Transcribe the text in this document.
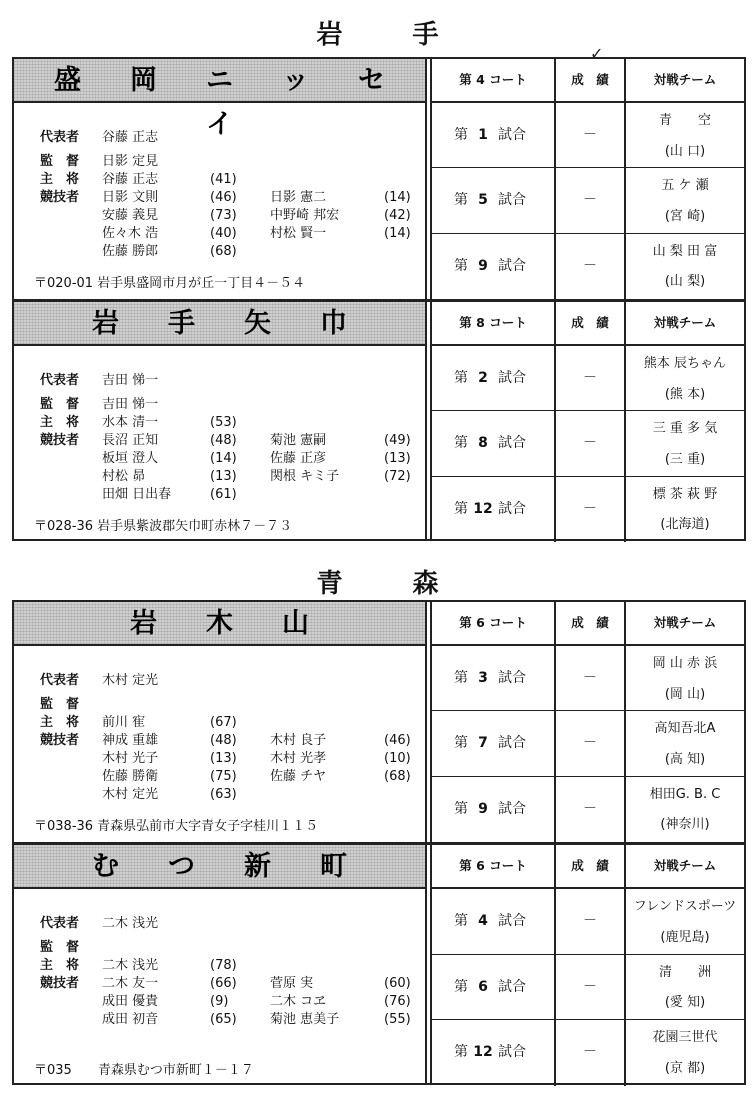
岩　手
青　森
盛 岡 ニ ッ セイ
代表者 谷藤 正志
監　督 日影 定見
主　将 谷藤 正志	(41)
競技者 日影 文則	(46)	日影 憲二	(14)
安藤 義見	(73)	中野崎 邦宏	(42)
佐々木 浩	(40)	村松 賢一	(14)
佐藤 勝郎	(68)
〒020-01 岩手県盛岡市月が丘一丁目４－５４
第 4 コート	成　績	対戦チーム
第 1 試合	－
青　　空
(山 口)
第 5 試合	－
五 ケ 瀬
(宮 崎)
第 9 試合	－
山 梨 田 富
(山 梨)
岩 手 矢 巾
代表者 吉田 悌一
監　督 吉田 悌一
主　将 水本 清一	(53)
競技者 長沼 正知	(48)	菊池 憲嗣	(49)
板垣 澄人	(14)	佐藤 正彦	(13)
村松 昴	(13)	関根 キミ子	(72)
田畑 日出春	(61)
〒028-36 岩手県紫波郡矢巾町赤林７－７３
第 8 コート	成　績	対戦チーム
第 2 試合	－
熊本 辰ちゃん
(熊 本)
第 8 試合	－
三 重 多 気
(三 重)
第 12 試合	－
標 茶 萩 野
(北海道)
岩 木 山
代表者 木村 定光
監　督
主　将 前川 寉	(67)
競技者 神成 重雄	(48)	木村 良子	(46)
木村 光子	(13)	木村 光孝	(10)
佐藤 勝衛	(75)	佐藤 チヤ	(68)
木村 定光	(63)
〒038-36 青森県弘前市大字青女子字桂川１１５
第 6 コート	成　績	対戦チーム
第 3 試合	－
岡 山 赤 浜
(岡 山)
第 7 試合	－
高知吾北A
(高 知)
第 9 試合	－
相田G. B. C
(神奈川)
む つ 新 町
代表者 二木 浅光
監　督
主　将 二木 浅光	(78)
競技者 二木 友一	(66)	菅原 実	(60)
成田 優貴	(9)	二木 コヱ	(76)
成田 初音	(65)	菊池 恵美子	(55)
〒035　　青森県むつ市新町１－１７
第 6 コート	成　績	対戦チーム
第 4 試合	－
フレンドスポーツ
(鹿児島)
第 6 試合	－
清　　洲
(愛 知)
第 12 試合	－
花園三世代
(京 都)
✓
